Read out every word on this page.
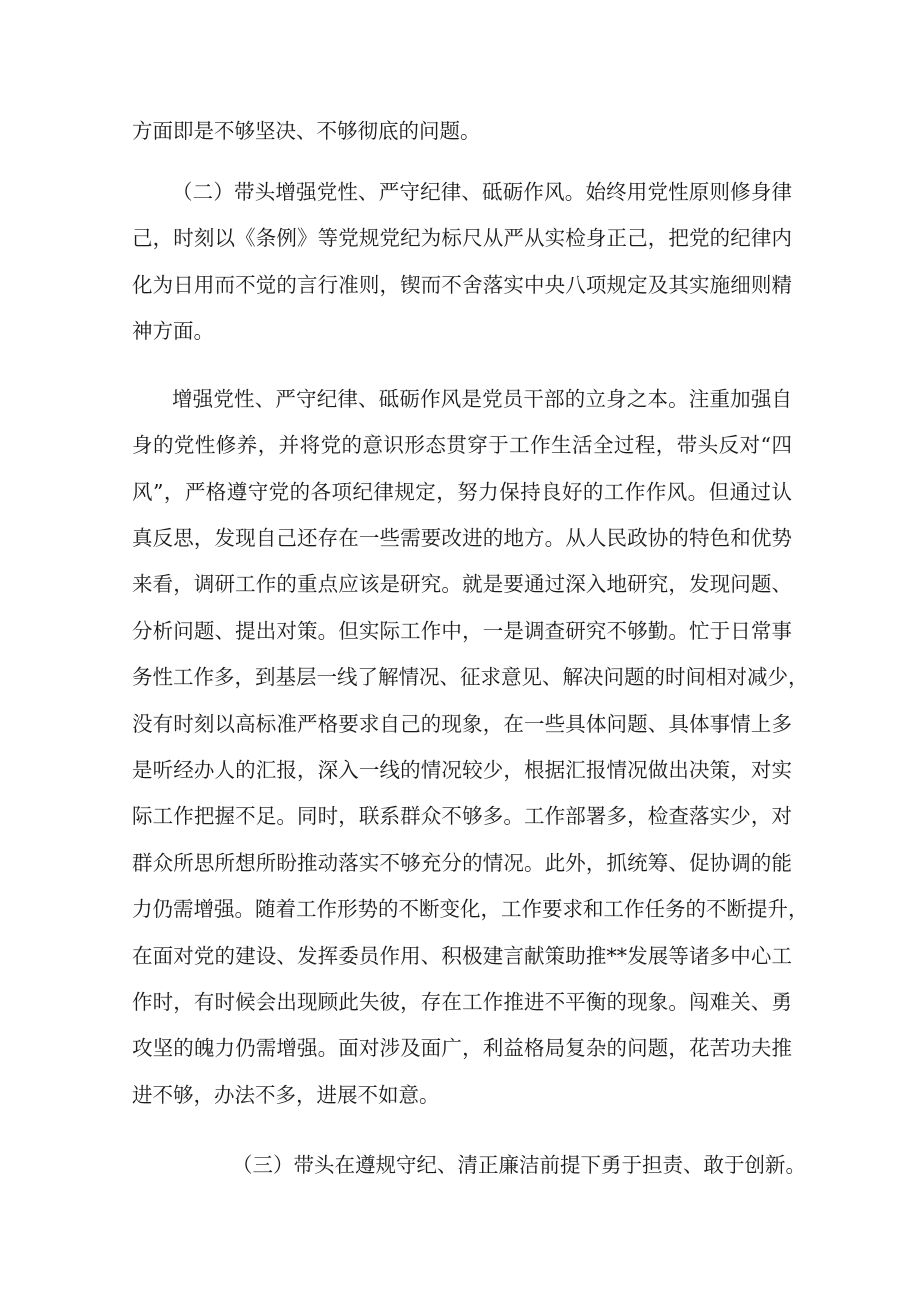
方面即是不够坚决、不够彻底的问题。
（二）带头增强党性、严守纪律、砥砺作风。始终用党性原则修身律
己，时刻以《条例》等党规党纪为标尺从严从实检身正己，把党的纪律内
化为日用而不觉的言行准则，锲而不舍落实中央八项规定及其实施细则精
神方面。
增强党性、严守纪律、砥砺作风是党员干部的立身之本。注重加强自
身的党性修养，并将党的意识形态贯穿于工作生活全过程，带头反对“四
风”，严格遵守党的各项纪律规定，努力保持良好的工作作风。但通过认
真反思，发现自己还存在一些需要改进的地方。从人民政协的特色和优势
来看，调研工作的重点应该是研究。就是要通过深入地研究，发现问题、
分析问题、提出对策。但实际工作中，一是调查研究不够勤。忙于日常事
务性工作多，到基层一线了解情况、征求意见、解决问题的时间相对减少，
没有时刻以高标准严格要求自己的现象，在一些具体问题、具体事情上多
是听经办人的汇报，深入一线的情况较少，根据汇报情况做出决策，对实
际工作把握不足。同时，联系群众不够多。工作部署多，检查落实少，对
群众所思所想所盼推动落实不够充分的情况。此外，抓统筹、促协调的能
力仍需增强。随着工作形势的不断变化，工作要求和工作任务的不断提升，
在面对党的建设、发挥委员作用、积极建言献策助推**发展等诸多中心工
作时，有时候会出现顾此失彼，存在工作推进不平衡的现象。闯难关、勇
攻坚的魄力仍需增强。面对涉及面广，利益格局复杂的问题，花苦功夫推
进不够，办法不多，进展不如意。
（三）带头在遵规守纪、清正廉洁前提下勇于担责、敢于创新。
